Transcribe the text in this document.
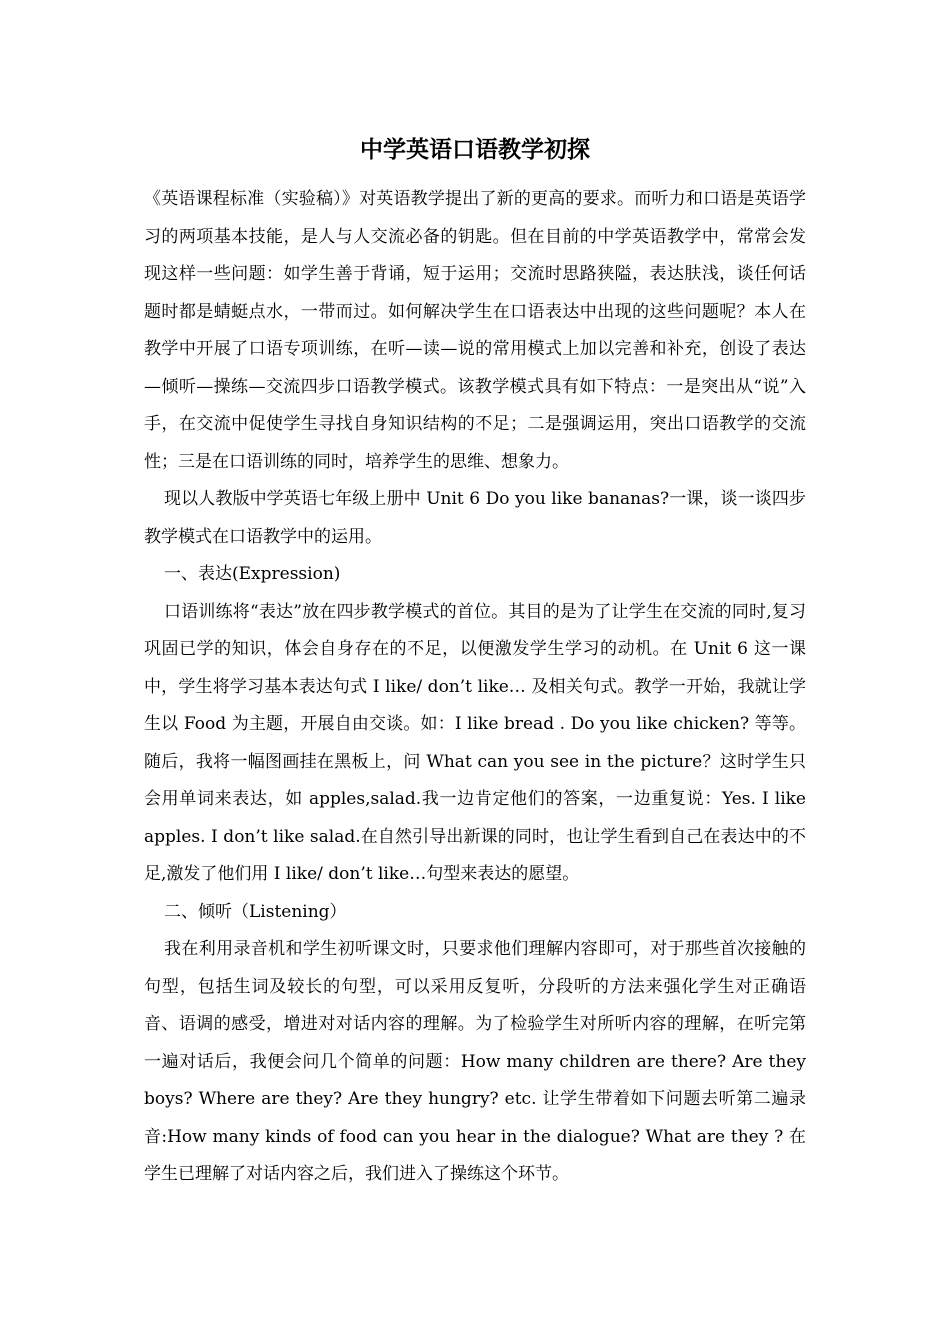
中学英语口语教学初探

《英语课程标准（实验稿）》对英语教学提出了新的更高的要求。而听力和口语是英语学习的两项基本技能，是人与人交流必备的钥匙。但在目前的中学英语教学中，常常会发现这样一些问题：如学生善于背诵，短于运用；交流时思路狭隘，表达肤浅，谈任何话题时都是蜻蜓点水，一带而过。如何解决学生在口语表达中出现的这些问题呢？本人在教学中开展了口语专项训练，在听—读—说的常用模式上加以完善和补充，创设了表达—倾听—操练—交流四步口语教学模式。该教学模式具有如下特点：一是突出从“说”入手，在交流中促使学生寻找自身知识结构的不足；二是强调运用，突出口语教学的交流性；三是在口语训练的同时，培养学生的思维、想象力。

现以人教版中学英语七年级上册中 Unit 6 Do you like bananas?一课，谈一谈四步教学模式在口语教学中的运用。

一、表达(Expression)

口语训练将“表达”放在四步教学模式的首位。其目的是为了让学生在交流的同时,复习巩固已学的知识，体会自身存在的不足，以便激发学生学习的动机。在 Unit 6 这一课中，学生将学习基本表达句式 I like/ don’t like… 及相关句式。教学一开始，我就让学生以 Food 为主题，开展自由交谈。如：I like bread . Do you like chicken? 等等。随后，我将一幅图画挂在黑板上，问 What can you see in the picture？这时学生只会用单词来表达，如 apples,salad.我一边肯定他们的答案，一边重复说：Yes. I like apples. I don’t like salad.在自然引导出新课的同时，也让学生看到自己在表达中的不足,激发了他们用 I like/ don’t like…句型来表达的愿望。

二、倾听（Listening）

我在利用录音机和学生初听课文时，只要求他们理解内容即可，对于那些首次接触的句型，包括生词及较长的句型，可以采用反复听，分段听的方法来强化学生对正确语音、语调的感受，增进对对话内容的理解。为了检验学生对所听内容的理解，在听完第一遍对话后，我便会问几个简单的问题：How many children are there? Are they boys? Where are they? Are they hungry? etc. 让学生带着如下问题去听第二遍录音:How many kinds of food can you hear in the dialogue? What are they ? 在学生已理解了对话内容之后，我们进入了操练这个环节。
